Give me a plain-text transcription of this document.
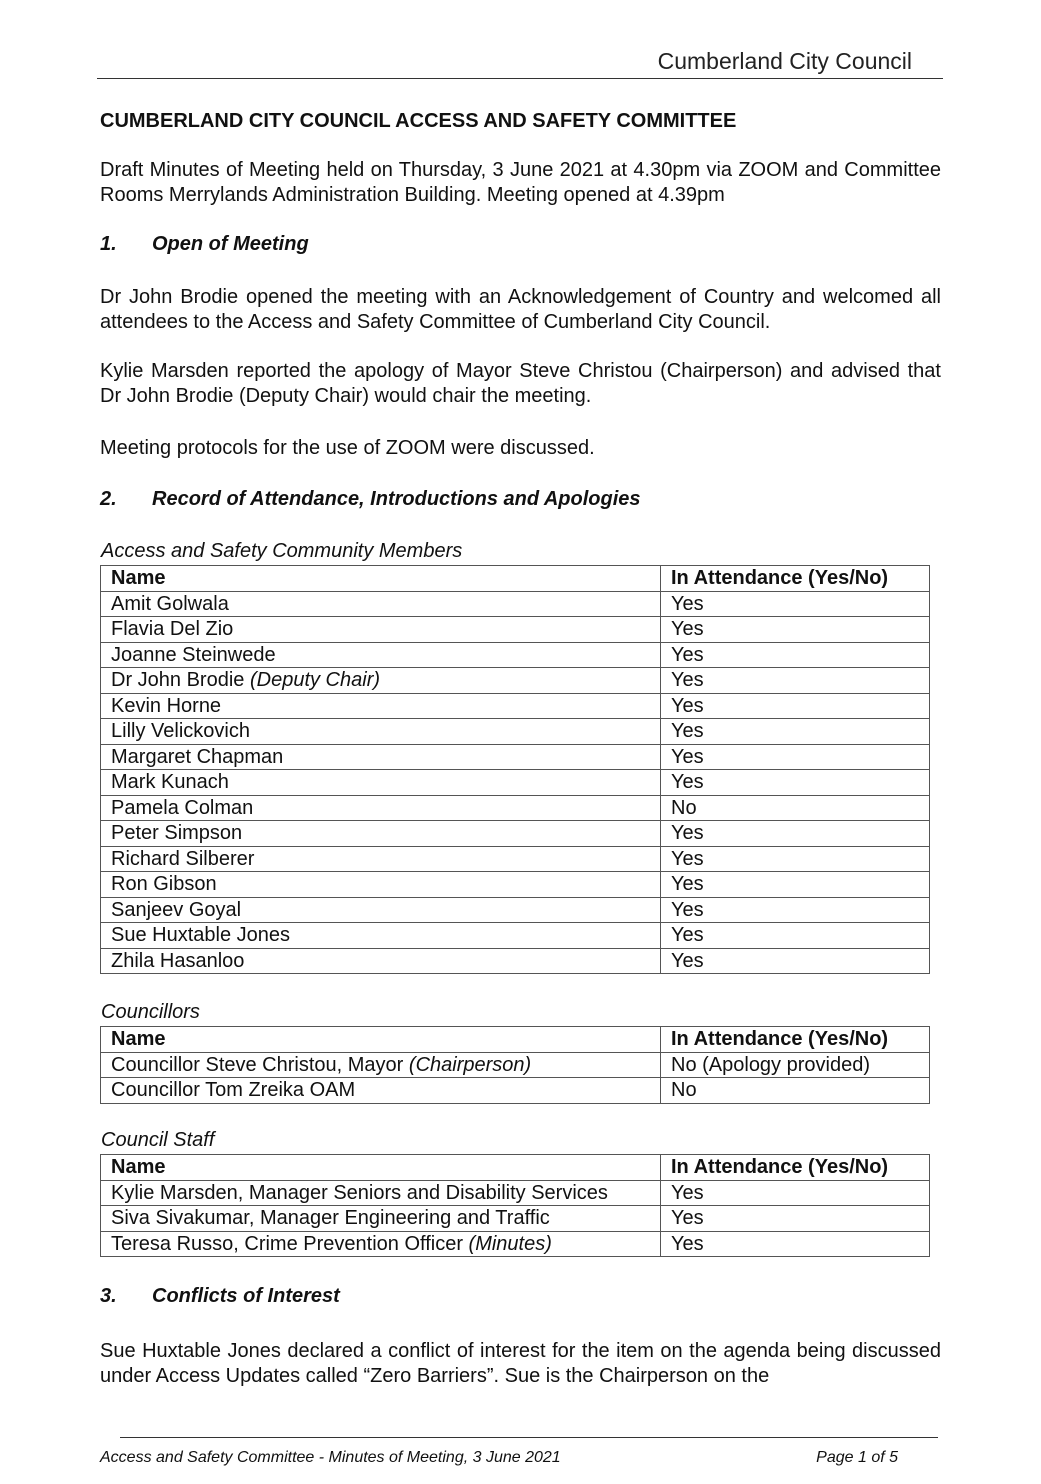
Cumberland City Council
CUMBERLAND CITY COUNCIL ACCESS AND SAFETY COMMITTEE
Draft Minutes of Meeting held on Thursday, 3 June 2021 at 4.30pm via ZOOM and Committee Rooms Merrylands Administration Building. Meeting opened at 4.39pm
1. Open of Meeting
Dr John Brodie opened the meeting with an Acknowledgement of Country and welcomed all attendees to the Access and Safety Committee of Cumberland City Council.
Kylie Marsden reported the apology of Mayor Steve Christou (Chairperson) and advised that Dr John Brodie (Deputy Chair) would chair the meeting.
Meeting protocols for the use of ZOOM were discussed.
2. Record of Attendance, Introductions and Apologies
Access and Safety Community Members
Name	In Attendance (Yes/No)
Amit Golwala	Yes
Flavia Del Zio	Yes
Joanne Steinwede	Yes
Dr John Brodie (Deputy Chair)	Yes
Kevin Horne	Yes
Lilly Velickovich	Yes
Margaret Chapman	Yes
Mark Kunach	Yes
Pamela Colman	No
Peter Simpson	Yes
Richard Silberer	Yes
Ron Gibson	Yes
Sanjeev Goyal	Yes
Sue Huxtable Jones	Yes
Zhila Hasanloo	Yes
Councillors
Name	In Attendance (Yes/No)
Councillor Steve Christou, Mayor (Chairperson)	No (Apology provided)
Councillor Tom Zreika OAM	No
Council Staff
Name	In Attendance (Yes/No)
Kylie Marsden, Manager Seniors and Disability Services	Yes
Siva Sivakumar, Manager Engineering and Traffic	Yes
Teresa Russo, Crime Prevention Officer (Minutes)	Yes
3. Conflicts of Interest
Sue Huxtable Jones declared a conflict of interest for the item on the agenda being discussed under Access Updates called “Zero Barriers”. Sue is the Chairperson on the
Access and Safety Committee - Minutes of Meeting, 3 June 2021	Page 1 of 5
